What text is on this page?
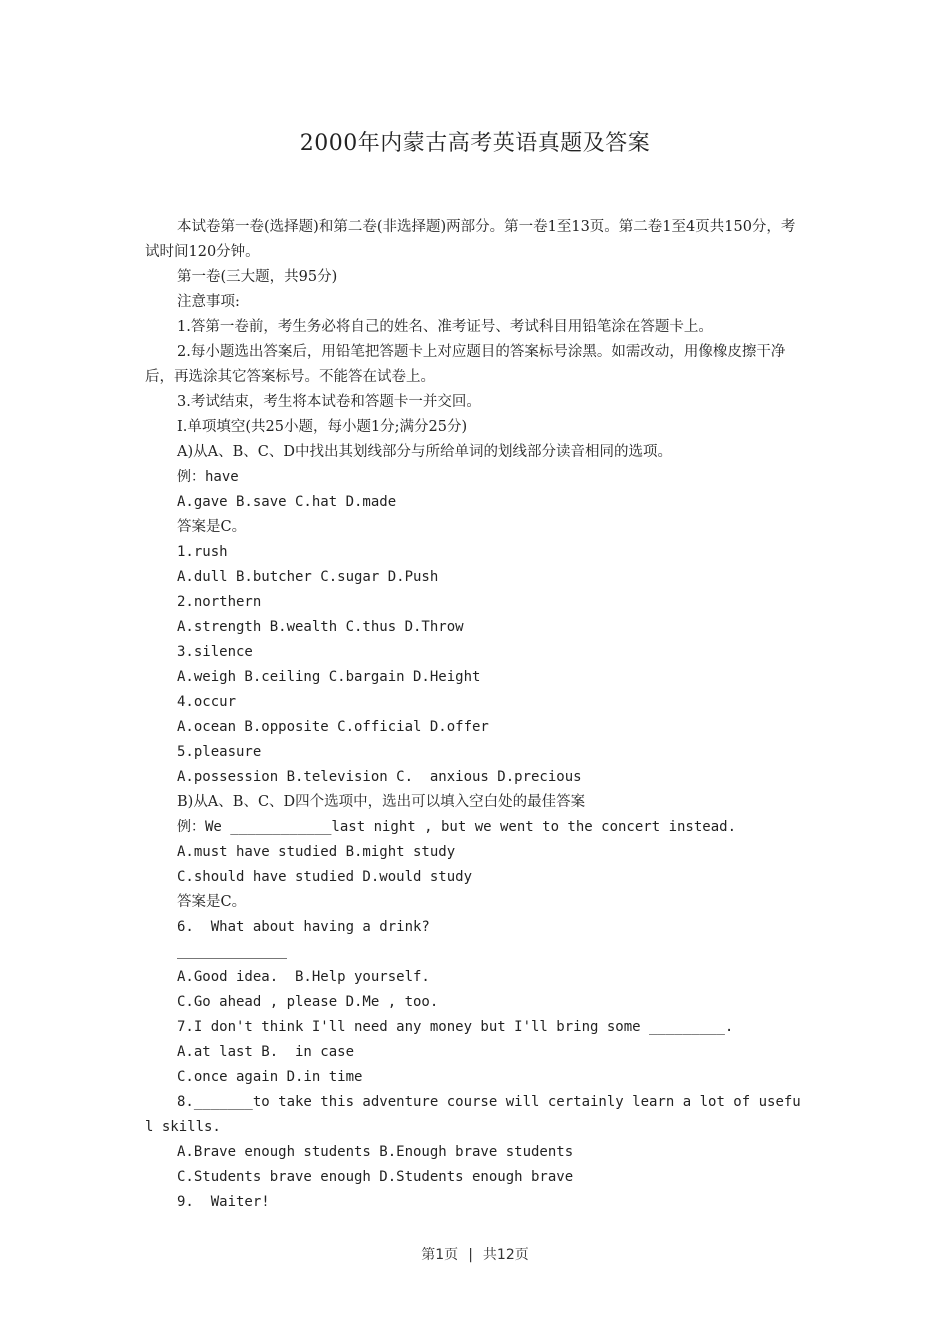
2000年内蒙古高考英语真题及答案

本试卷第一卷(选择题)和第二卷(非选择题)两部分。第一卷1至13页。第二卷1至4页共150分，考试时间120分钟。

第一卷(三大题，共95分)

注意事项:

1.答第一卷前，考生务必将自己的姓名、准考证号、考试科目用铅笔涂在答题卡上。

2.每小题选出答案后，用铅笔把答题卡上对应题目的答案标号涂黑。如需改动，用像橡皮擦干净后，再选涂其它答案标号。不能答在试卷上。

3.考试结束，考生将本试卷和答题卡一并交回。

I.单项填空(共25小题，每小题1分;满分25分)

A)从A、B、C、D中找出其划线部分与所给单词的划线部分读音相同的选项。

例：have

A.gave B.save C.hat D.made

答案是C。

1.rush

A.dull B.butcher C.sugar D.Push

2.northern

A.strength B.wealth C.thus D.Throw

3.silence

A.weigh B.ceiling C.bargain D.Height

4.occur

A.ocean B.opposite C.official D.offer

5.pleasure

A.possession B.television C.  anxious D.precious

B)从A、B、C、D四个选项中，选出可以填入空白处的最佳答案

例：We ____________last night , but we went to the concert instead.

A.must have studied B.might study

C.should have studied D.would study

答案是C。

6.  What about having a drink?

A.Good idea.  B.Help yourself.

C.Go ahead , please D.Me , too.

7.I don't think I'll need any money but I'll bring some _________.

A.at last B.  in case

C.once again D.in time

8._______to take this adventure course will certainly learn a lot of useful skills.

A.Brave enough students B.Enough brave students

C.Students brave enough D.Students enough brave

9.  Waiter!

第1页 | 共12页
